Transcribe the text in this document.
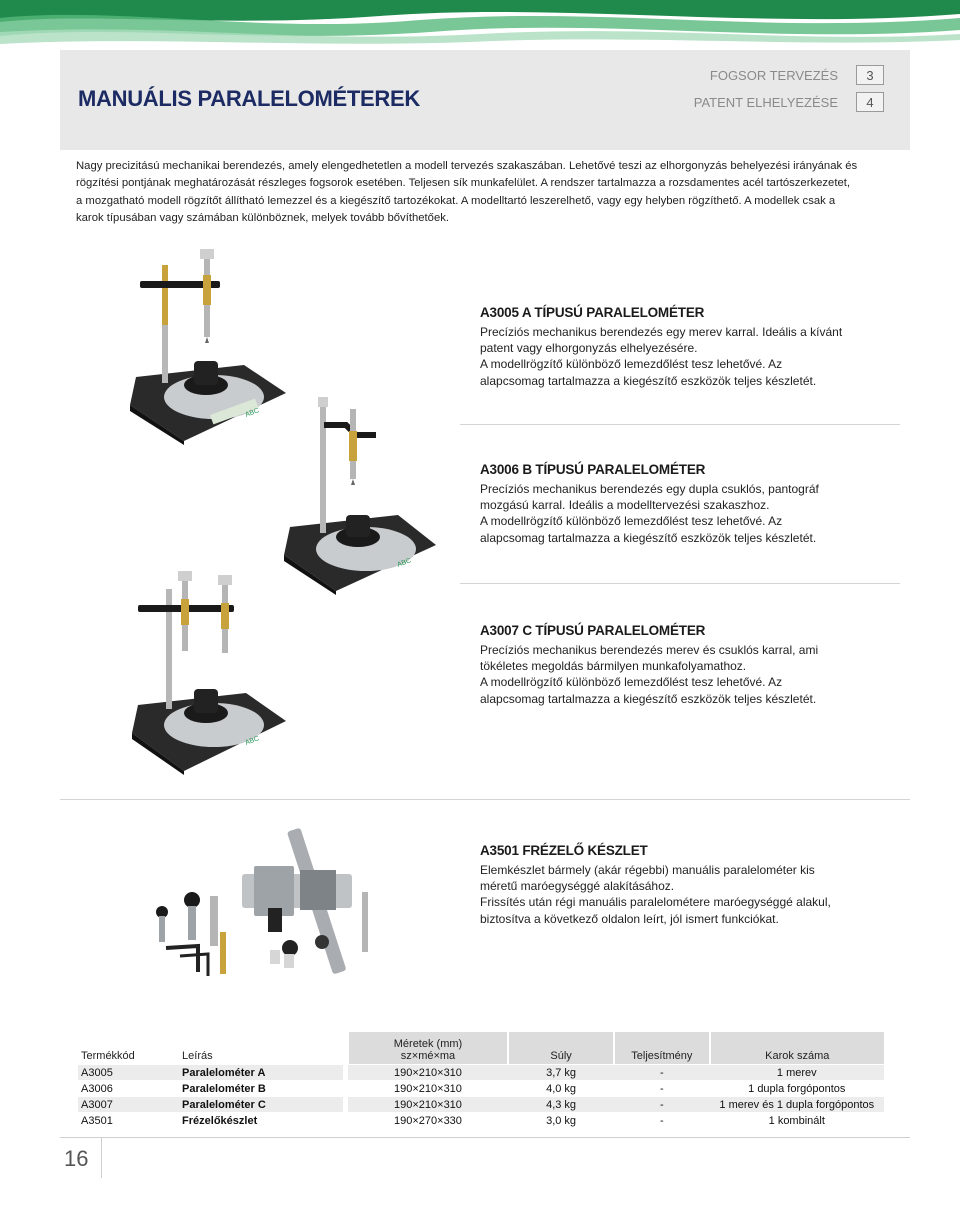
MANUÁLIS PARALELOMÉTEREK
FOGSOR TERVEZÉS	3
PATENT ELHELYEZÉSE	4
Nagy precizitású mechanikai berendezés, amely elengedhetetlen a modell tervezés szakaszában. Lehetővé teszi az elhorgonyzás behelyezési irányának és
rögzítési pontjának meghatározását részleges fogsorok esetében. Teljesen sík munkafelület. A rendszer tartalmazza a rozsdamentes acél tartószerkezetet,
a mozgatható modell rögzítőt állítható lemezzel és a kiegészítő tartozékokat. A modelltartó leszerelhető, vagy egy helyben rögzíthető. A modellek csak a
karok típusában vagy számában különböznek, melyek tovább bővíthetőek.
ABC
A3005 A TÍPUSÚ PARALELOMÉTER
Precíziós mechanikus berendezés egy merev karral. Ideális a kívánt
patent vagy elhorgonyzás elhelyezésére.
A modellrögzítő különböző lemezdőlést tesz lehetővé. Az
alapcsomag tartalmazza a kiegészítő eszközök teljes készletét.
ABC
A3006 B TÍPUSÚ PARALELOMÉTER
Precíziós mechanikus berendezés egy dupla csuklós, pantográf
mozgású karral. Ideális a modelltervezési szakaszhoz.
A modellrögzítő különböző lemezdőlést tesz lehetővé. Az
alapcsomag tartalmazza a kiegészítő eszközök teljes készletét.
ABC
A3007 C TÍPUSÚ PARALELOMÉTER
Precíziós mechanikus berendezés merev és csuklós karral, ami
tökéletes megoldás bármilyen munkafolyamathoz.
A modellrögzítő különböző lemezdőlést tesz lehetővé. Az
alapcsomag tartalmazza a kiegészítő eszközök teljes készletét.
A3501 FRÉZELŐ KÉSZLET
Elemkészlet bármely (akár régebbi) manuális paralelométer kis
méretű maróegységgé alakításához.
Frissítés után régi manuális paralelométere maróegységgé alakul,
biztosítva a következő oldalon leírt, jól ismert funkciókat.
Termékkód	Leírás		Méretek (mm)
sz×mé×ma	Súly	Teljesítmény	Karok száma
A3005	Paralelométer A		190×210×310	3,7 kg	-	1 merev
A3006	Paralelométer B		190×210×310	4,0 kg	-	1 dupla forgópontos
A3007	Paralelométer C		190×210×310	4,3 kg	-	1 merev és 1 dupla forgópontos
A3501	Frézelőkészlet		190×270×330	3,0 kg	-	1 kombinált
16
